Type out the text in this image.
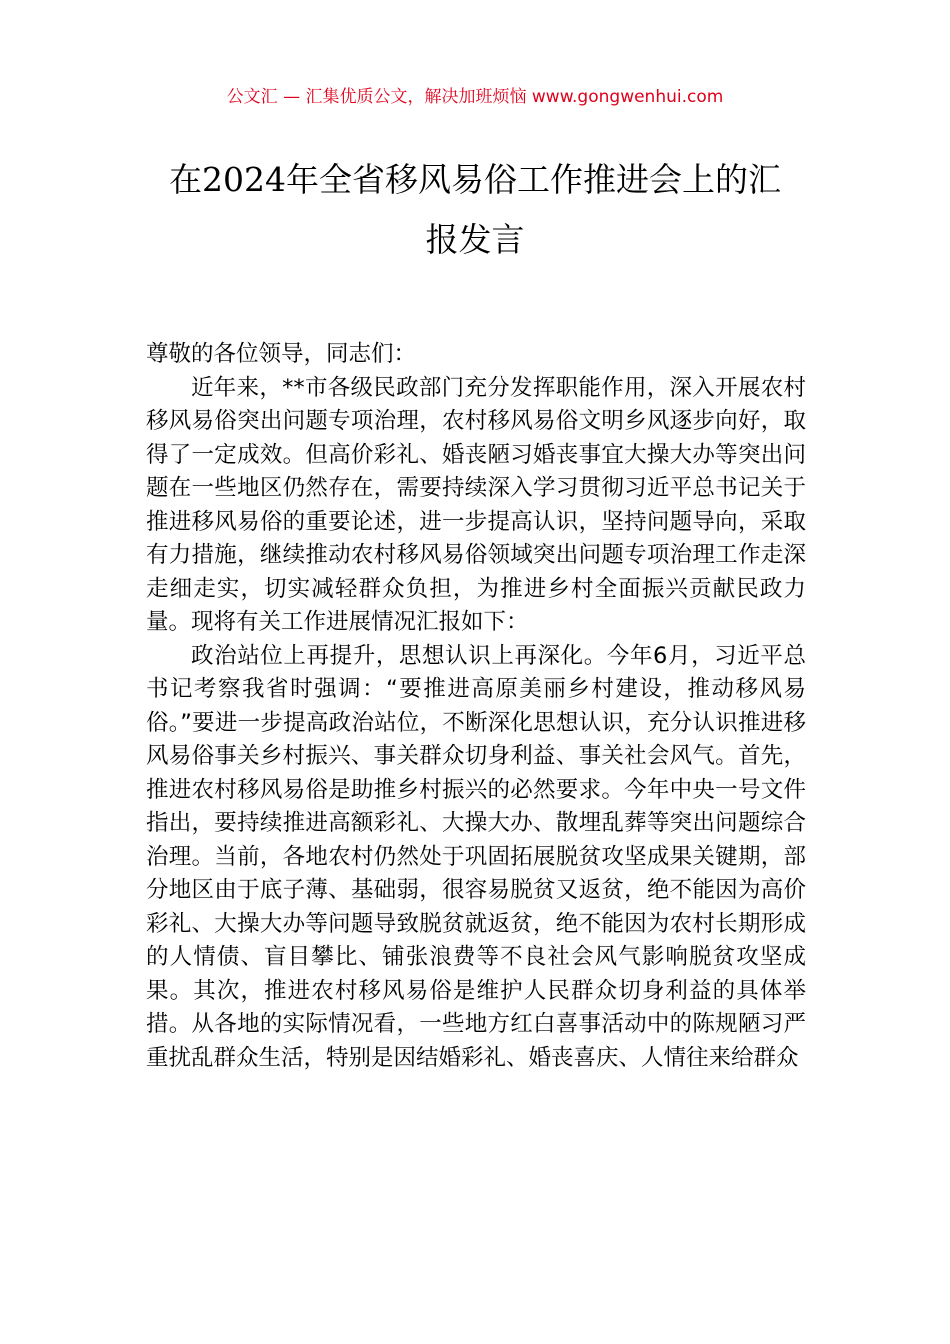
公文汇 — 汇集优质公文，解决加班烦恼 www.gongwenhui.com
在2024年全省移风易俗工作推进会上的汇
报发言

尊敬的各位领导，同志们：

近年来，**市各级民政部门充分发挥职能作用，深入开展农村移风易俗突出问题专项治理，农村移风易俗文明乡风逐步向好，取得了一定成效。但高价彩礼、婚丧陋习婚丧事宜大操大办等突出问题在一些地区仍然存在，需要持续深入学习贯彻习近平总书记关于推进移风易俗的重要论述，进一步提高认识，坚持问题导向，采取有力措施，继续推动农村移风易俗领域突出问题专项治理工作走深走细走实，切实减轻群众负担，为推进乡村全面振兴贡献民政力量。现将有关工作进展情况汇报如下：

政治站位上再提升，思想认识上再深化。今年6月，习近平总书记考察我省时强调：“要推进高原美丽乡村建设，推动移风易俗。”要进一步提高政治站位，不断深化思想认识，充分认识推进移风易俗事关乡村振兴、事关群众切身利益、事关社会风气。首先，推进农村移风易俗是助推乡村振兴的必然要求。今年中央一号文件指出，要持续推进高额彩礼、大操大办、散埋乱葬等突出问题综合治理。当前，各地农村仍然处于巩固拓展脱贫攻坚成果关键期，部分地区由于底子薄、基础弱，很容易脱贫又返贫，绝不能因为高价彩礼、大操大办等问题导致脱贫就返贫，绝不能因为农村长期形成的人情债、盲目攀比、铺张浪费等不良社会风气影响脱贫攻坚成果。其次，推进农村移风易俗是维护人民群众切身利益的具体举措。从各地的实际情况看，一些地方红白喜事活动中的陈规陋习严重扰乱群众生活，特别是因结婚彩礼、婚丧喜庆、人情往来给群众
